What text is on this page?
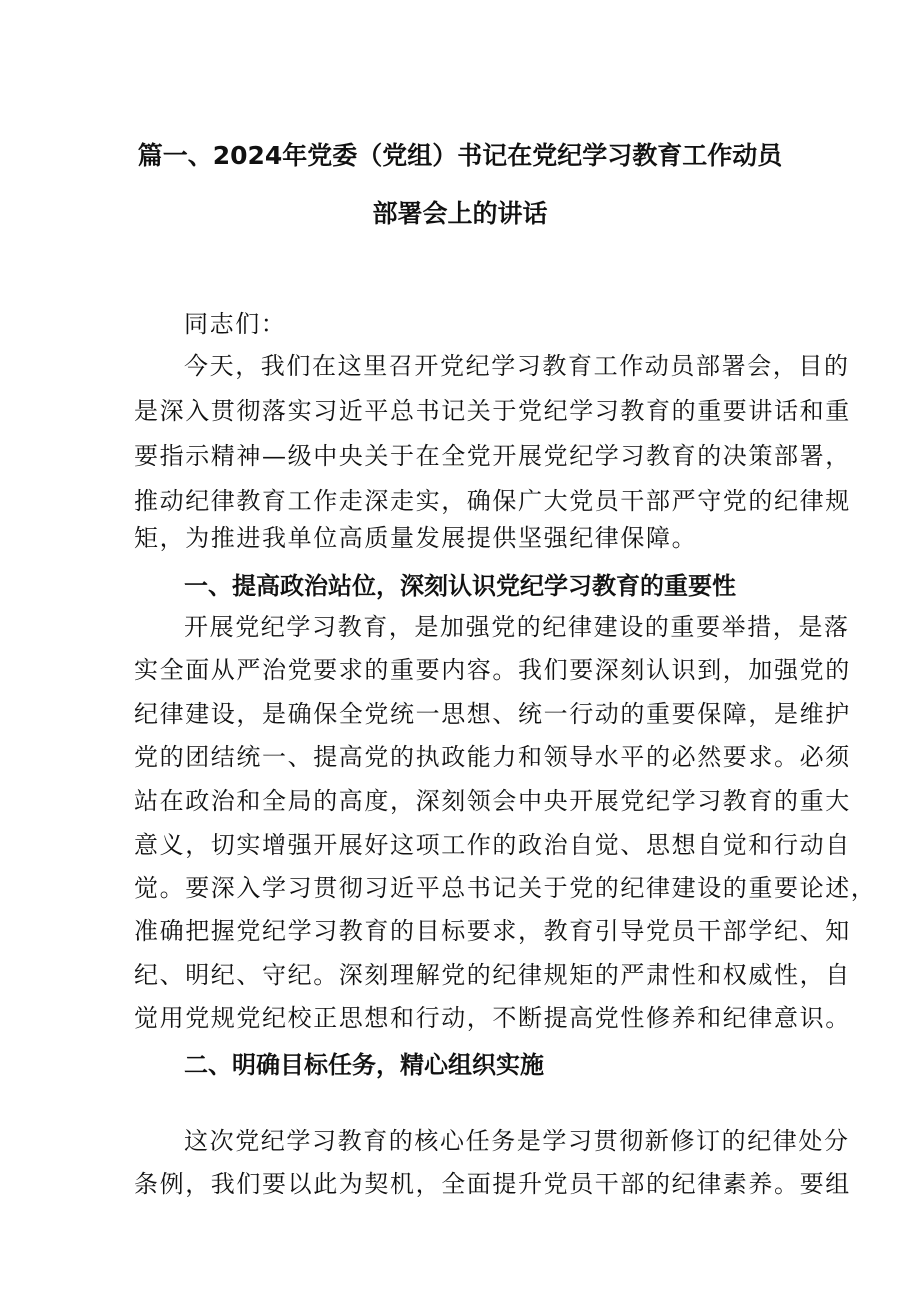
篇一、2024年党委（党组）书记在党纪学习教育工作动员
部署会上的讲话
同志们：
今天，我们在这里召开党纪学习教育工作动员部署会，目的
是深入贯彻落实习近平总书记关于党纪学习教育的重要讲话和重
要指示精神—级中央关于在全党开展党纪学习教育的决策部署，
推动纪律教育工作走深走实，确保广大党员干部严守党的纪律规
矩，为推进我单位高质量发展提供坚强纪律保障。
一、提高政治站位，深刻认识党纪学习教育的重要性
开展党纪学习教育，是加强党的纪律建设的重要举措，是落
实全面从严治党要求的重要内容。我们要深刻认识到，加强党的
纪律建设，是确保全党统一思想、统一行动的重要保障，是维护
党的团结统一、提高党的执政能力和领导水平的必然要求。必须
站在政治和全局的高度，深刻领会中央开展党纪学习教育的重大
意义，切实增强开展好这项工作的政治自觉、思想自觉和行动自
觉。要深入学习贯彻习近平总书记关于党的纪律建设的重要论述，
准确把握党纪学习教育的目标要求，教育引导党员干部学纪、知
纪、明纪、守纪。深刻理解党的纪律规矩的严肃性和权威性，自
觉用党规党纪校正思想和行动，不断提高党性修养和纪律意识。
二、明确目标任务，精心组织实施
这次党纪学习教育的核心任务是学习贯彻新修订的纪律处分
条例，我们要以此为契机，全面提升党员干部的纪律素养。要组
